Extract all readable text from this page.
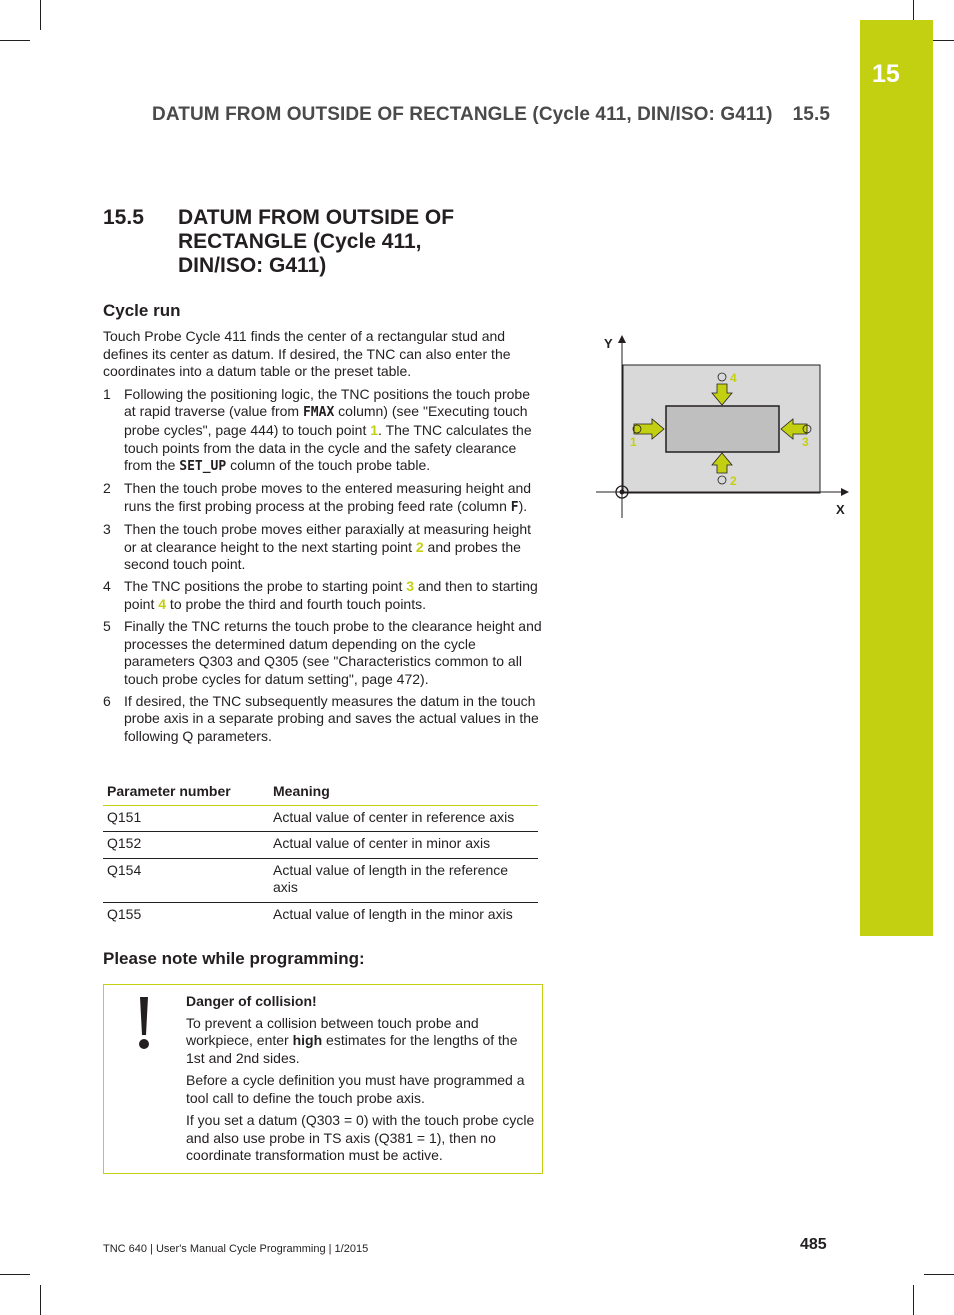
15
DATUM FROM OUTSIDE OF RECTANGLE (Cycle 411, DIN/ISO: G411) 15.5
15.5 DATUM FROM OUTSIDE OF RECTANGLE (Cycle 411, DIN/ISO: G411)
Cycle run

Touch Probe Cycle 411 finds the center of a rectangular stud and defines its center as datum. If desired, the TNC can also enter the coordinates into a datum table or the preset table.

1 Following the positioning logic, the TNC positions the touch probe at rapid traverse (value from FMAX column) (see "Executing touch probe cycles", page 444) to touch point 1. The TNC calculates the touch points from the data in the cycle and the safety clearance from the SET_UP column of the touch probe table.
2 Then the touch probe moves to the entered measuring height and runs the first probing process at the probing feed rate (column F).
3 Then the touch probe moves either paraxially at measuring height or at clearance height to the next starting point 2 and probes the second touch point.
4 The TNC positions the probe to starting point 3 and then to starting point 4 to probe the third and fourth touch points.
5 Finally the TNC returns the touch probe to the clearance height and processes the determined datum depending on the cycle parameters Q303 and Q305 (see "Characteristics common to all touch probe cycles for datum setting", page 472).
6 If desired, the TNC subsequently measures the datum in the touch probe axis in a separate probing and saves the actual values in the following Q parameters.
Parameter number	Meaning
Q151	Actual value of center in reference axis
Q152	Actual value of center in minor axis
Q154	Actual value of length in the reference axis
Q155	Actual value of length in the minor axis
Please note while programming:

Danger of collision!

To prevent a collision between touch probe and workpiece, enter high estimates for the lengths of the 1st and 2nd sides.

Before a cycle definition you must have programmed a tool call to define the touch probe axis.

If you set a datum (Q303 = 0) with the touch probe cycle and also use probe in TS axis (Q381 = 1), then no coordinate transformation must be active.

Y
X
1	3
4
2
TNC 640 | User's Manual Cycle Programming | 1/2015	485
